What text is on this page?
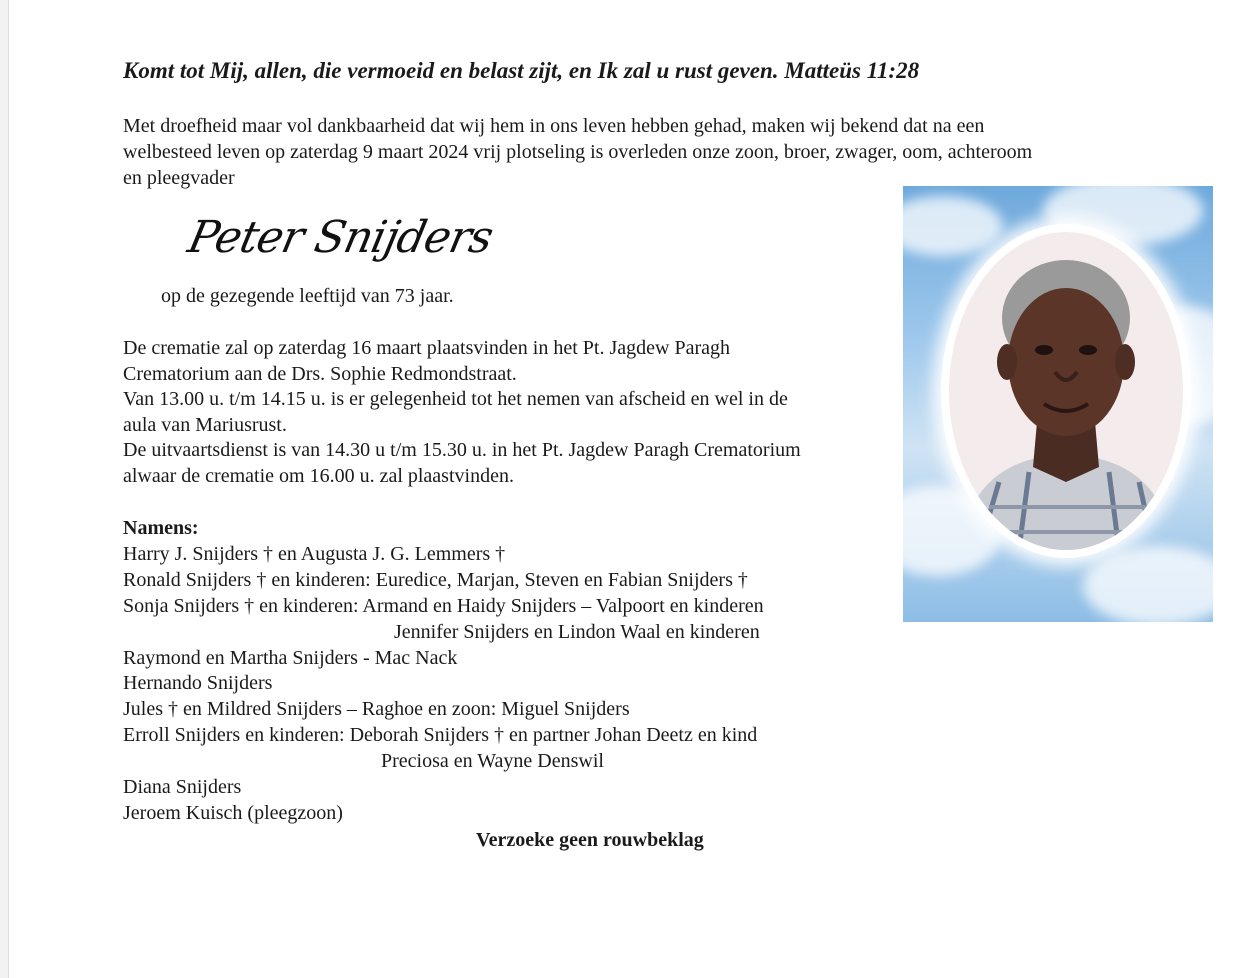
Komt tot Mij, allen, die vermoeid en belast zijt, en Ik zal u rust geven. Matteüs 11:28
Met droefheid maar vol dankbaarheid dat wij hem in ons leven hebben gehad, maken wij bekend dat na een
welbesteed leven op zaterdag 9 maart 2024 vrij plotseling is overleden onze zoon, broer, zwager, oom, achteroom
en pleegvader
Peter Snijders
op de gezegende leeftijd van 73 jaar.
De crematie zal op zaterdag 16 maart plaatsvinden in het Pt. Jagdew Paragh
Crematorium aan de Drs. Sophie Redmondstraat.
Van 13.00 u. t/m 14.15 u. is er gelegenheid tot het nemen van afscheid en wel in de
aula van Mariusrust.
De uitvaartsdienst is van 14.30 u t/m 15.30 u. in het Pt. Jagdew Paragh Crematorium
alwaar de crematie om 16.00 u. zal plaastvinden.
Namens:
Harry J. Snijders † en Augusta J. G. Lemmers †
Ronald Snijders † en kinderen: Euredice, Marjan, Steven en Fabian Snijders †
Sonja Snijders † en kinderen: Armand en Haidy Snijders – Valpoort en kinderen
Jennifer Snijders en Lindon Waal en kinderen
Raymond en Martha Snijders - Mac Nack
Hernando Snijders
Jules † en Mildred Snijders – Raghoe en zoon: Miguel Snijders
Erroll Snijders en kinderen: Deborah Snijders † en partner Johan Deetz en kind
Preciosa en Wayne Denswil
Diana Snijders
Jeroem Kuisch (pleegzoon)
Verzoeke geen rouwbeklag
